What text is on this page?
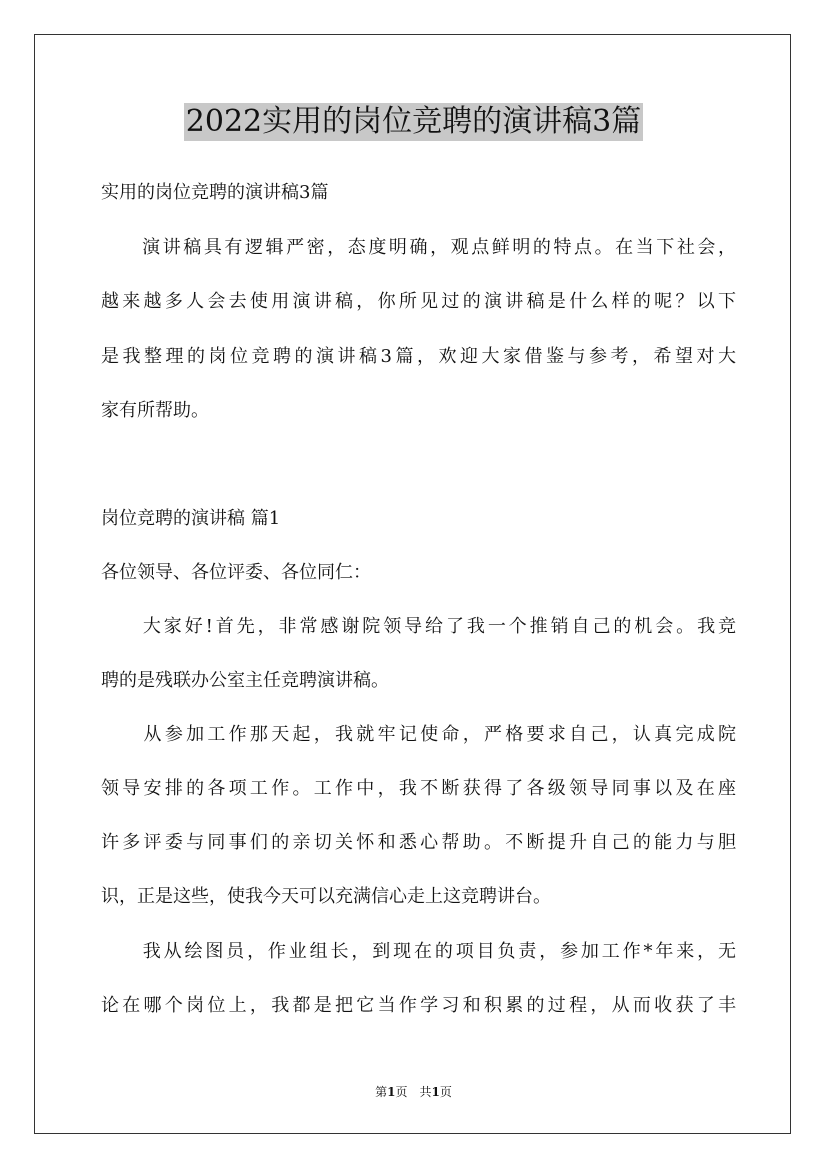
2022实用的岗位竞聘的演讲稿3篇
实用的岗位竞聘的演讲稿3篇
　　演讲稿具有逻辑严密，态度明确，观点鲜明的特点。在当下社会，
越来越多人会去使用演讲稿，你所见过的演讲稿是什么样的呢？以下
是我整理的岗位竞聘的演讲稿3篇，欢迎大家借鉴与参考，希望对大
家有所帮助。
岗位竞聘的演讲稿 篇1
各位领导、各位评委、各位同仁：
　　大家好!首先，非常感谢院领导给了我一个推销自己的机会。我竞
聘的是残联办公室主任竞聘演讲稿。
　　从参加工作那天起，我就牢记使命，严格要求自己，认真完成院
领导安排的各项工作。工作中，我不断获得了各级领导同事以及在座
许多评委与同事们的亲切关怀和悉心帮助。不断提升自己的能力与胆
识，正是这些，使我今天可以充满信心走上这竞聘讲台。
　　我从绘图员，作业组长，到现在的项目负责，参加工作*年来，无
论在哪个岗位上，我都是把它当作学习和积累的过程，从而收获了丰
第1页　共1页
